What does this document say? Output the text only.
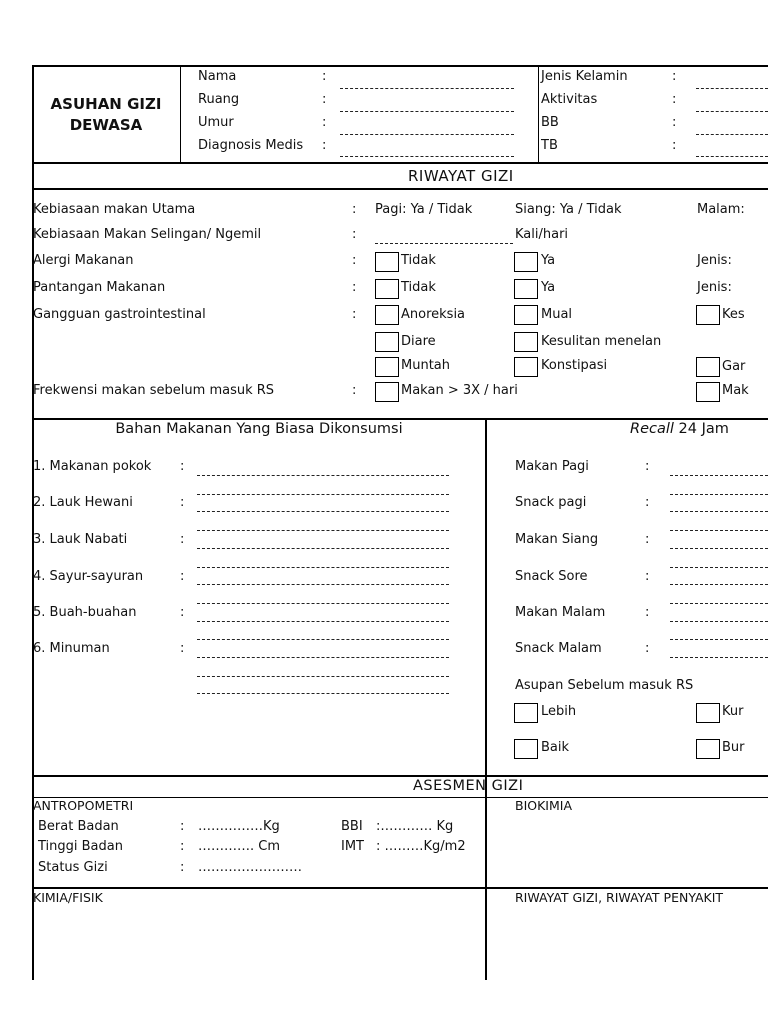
ASUHAN GIZI
DEWASA
Nama	:
Ruang	:
Umur	:
Diagnosis Medis :
Jenis Kelamin	:
Aktivitas	:
BB	:
TB	:
RIWAYAT GIZI
Kebiasaan makan Utama	: Pagi: Ya / Tidak	Siang: Ya / Tidak	Malam:
Kebiasaan Makan Selingan/ Ngemil	:	Kali/hari
Alergi Makanan	:	Tidak	Ya	Jenis:
Pantangan Makanan	:	Tidak	Ya	Jenis:
Gangguan gastrointestinal	:	Anoreksia	Mual	Kes
Diare	Kesulitan menelan
Muntah	Konstipasi	Gar
Frekwensi makan sebelum masuk RS	:	Makan > 3X / hari	Mak
Bahan Makanan Yang Biasa Dikonsumsi
1. Makanan pokok :
2. Lauk Hewani	:
3. Lauk Nabati	:
4. Sayur-sayuran	:
5. Buah-buahan	:
6. Minuman	:
Recall 24 Jam
Makan Pagi	:
Snack pagi	:
Makan Siang	:
Snack Sore	:
Makan Malam	:
Snack Malam	:
Asupan Sebelum masuk RS
Lebih	Kur
Baik	Bur
ASESMEN GIZI
ANTROPOMETRI	BIOKIMIA
Berat Badan	: ……………Kg	BBI :………… Kg
Tinggi Badan	: …………. Cm	IMT : ………Kg/m2
Status Gizi	: ……………………
KIMIA/FISIK	RIWAYAT GIZI, RIWAYAT PENYAKIT
